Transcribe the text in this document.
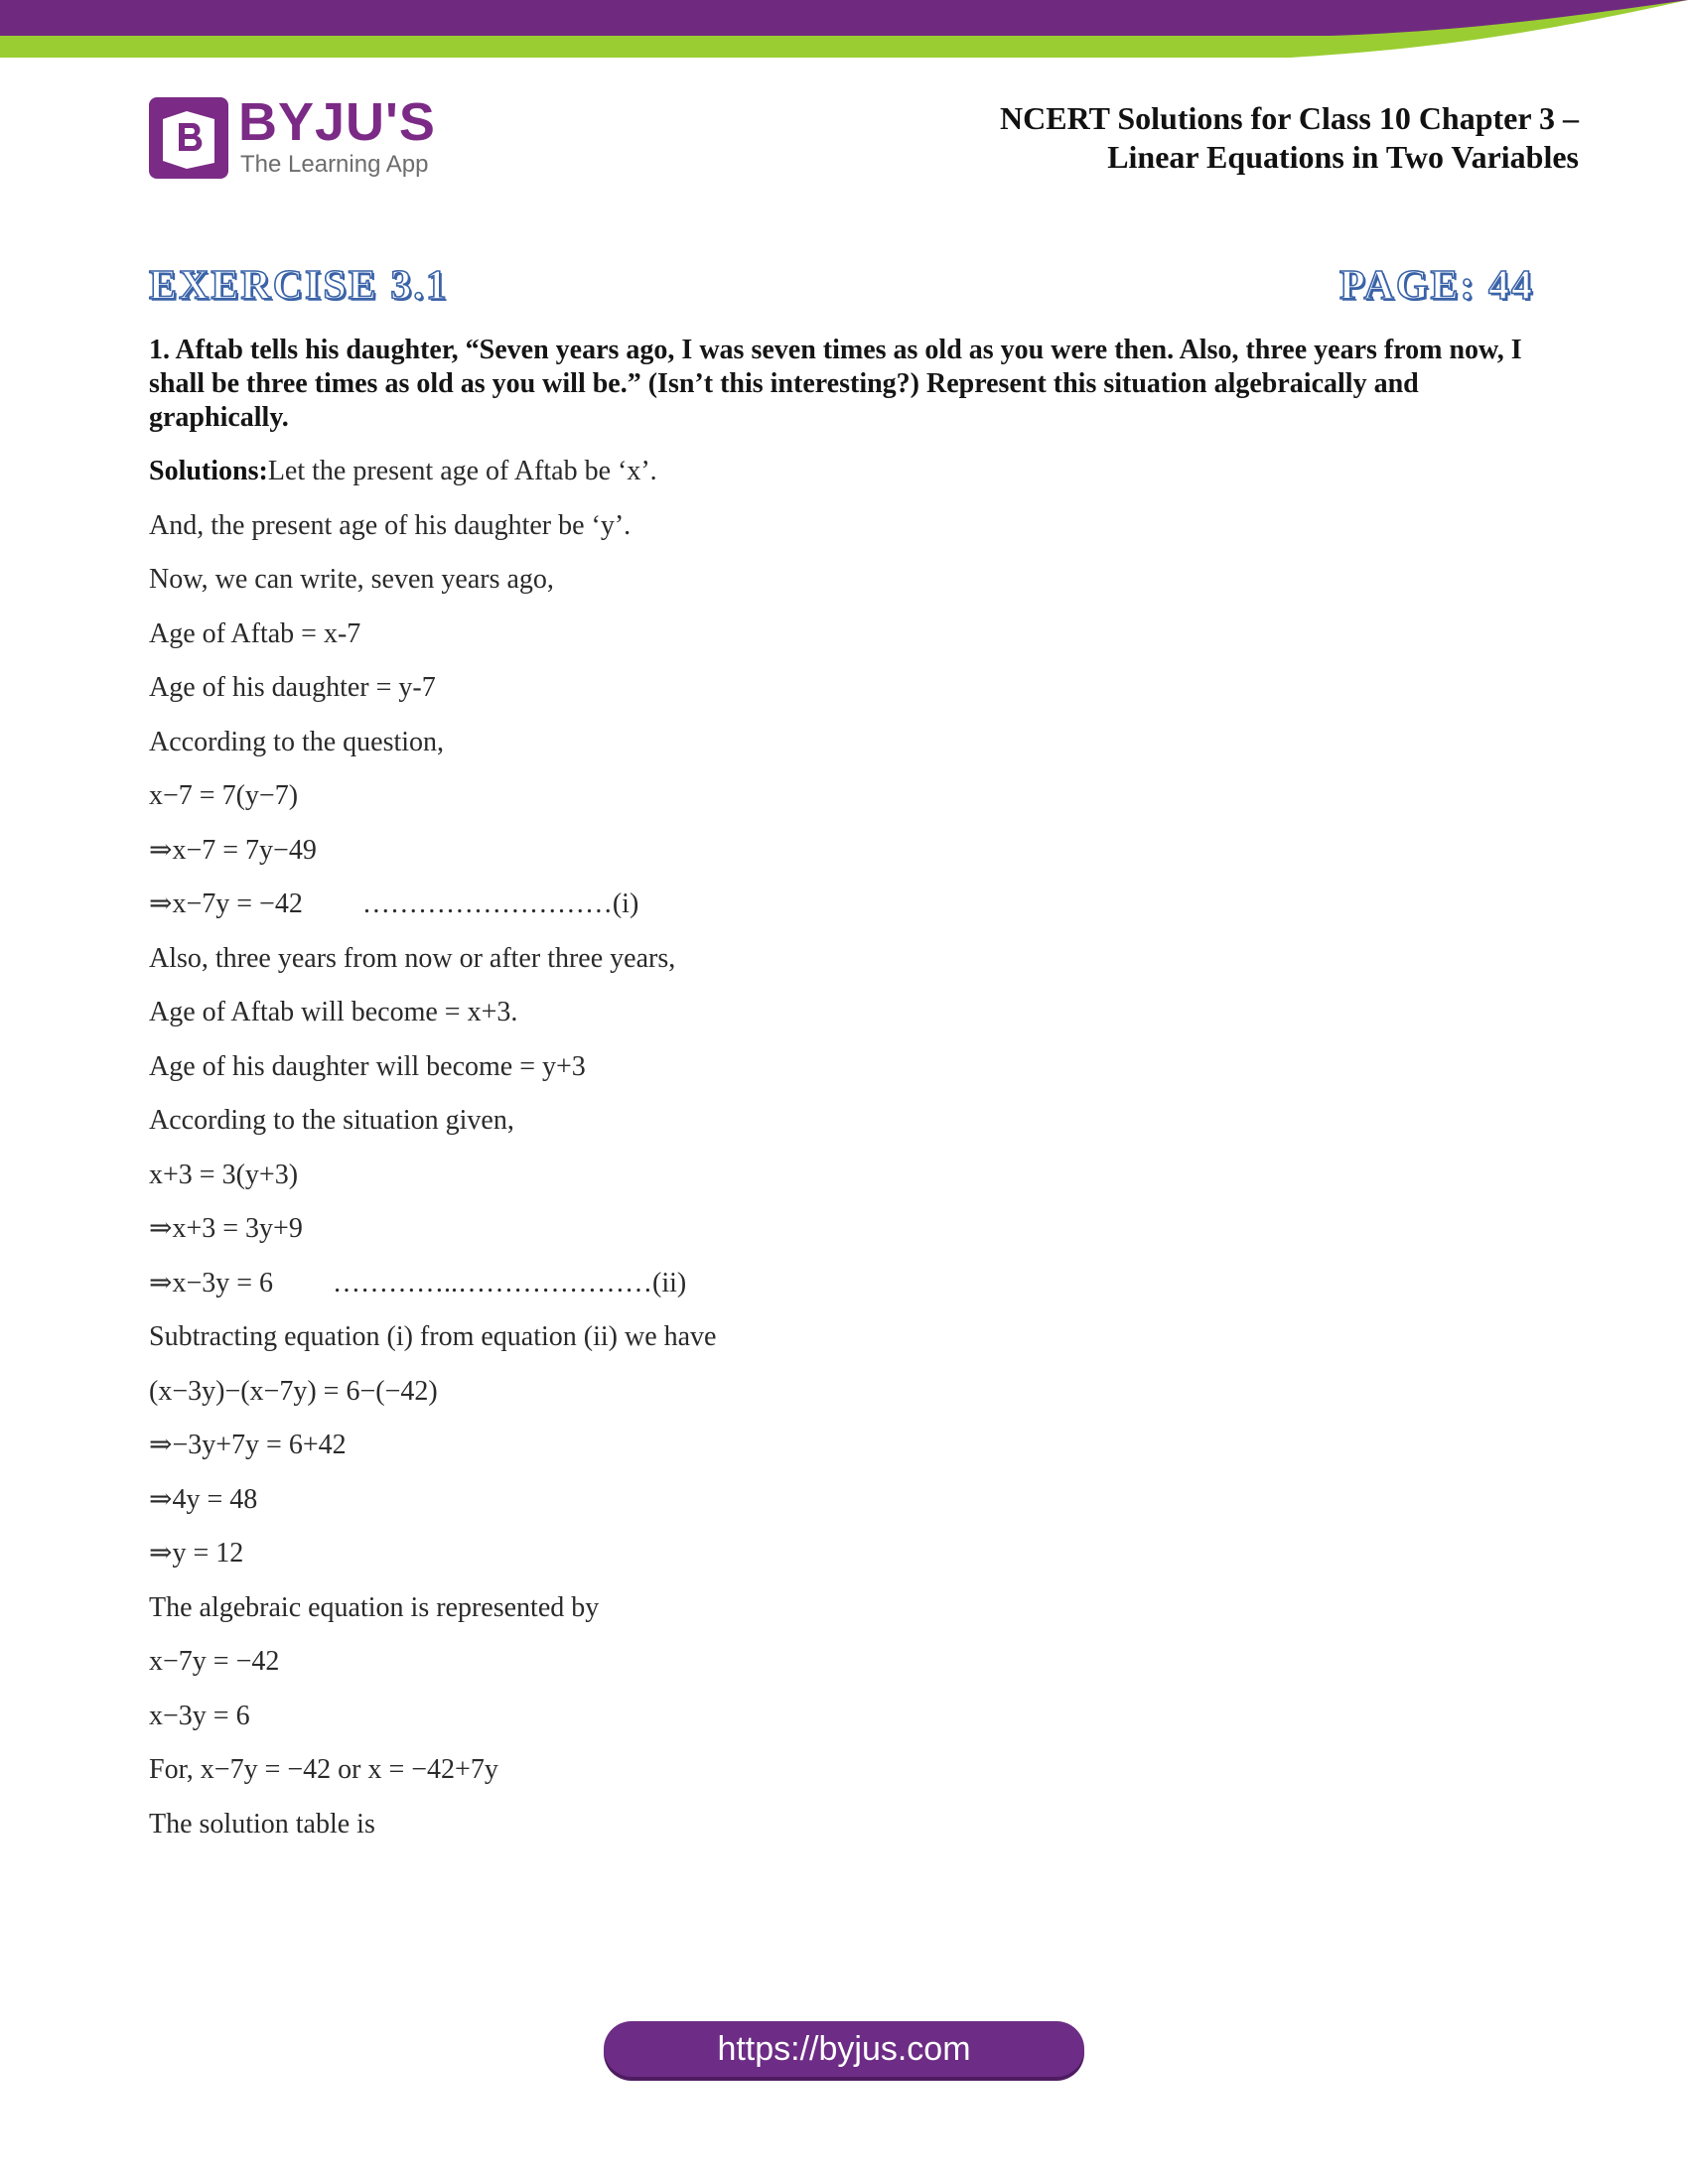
BYJU'S
The Learning App
NCERT Solutions for Class 10 Chapter 3 –
Linear Equations in Two Variables
EXERCISE 3.1	PAGE: 44
1. Aftab tells his daughter, “Seven years ago, I was seven times as old as you were then. Also, three years from now, I shall be three times as old as you will be.” (Isn’t this interesting?) Represent this situation algebraically and graphically.
Solutions:Let the present age of Aftab be ‘x’.
And, the present age of his daughter be ‘y’.
Now, we can write, seven years ago,
Age of Aftab = x-7
Age of his daughter = y-7
According to the question,
x−7 = 7(y−7)
⇒x−7 = 7y−49
⇒x−7y = −42 ………………………(i)
Also, three years from now or after three years,
Age of Aftab will become = x+3.
Age of his daughter will become = y+3
According to the situation given,
x+3 = 3(y+3)
⇒x+3 = 3y+9
⇒x−3y = 6 …………..…………………(ii)
Subtracting equation (i) from equation (ii) we have
(x−3y)−(x−7y) = 6−(−42)
⇒−3y+7y = 6+42
⇒4y = 48
⇒y = 12
The algebraic equation is represented by
x−7y = −42
x−3y = 6
For, x−7y = −42 or x = −42+7y
The solution table is
https://byjus.com
